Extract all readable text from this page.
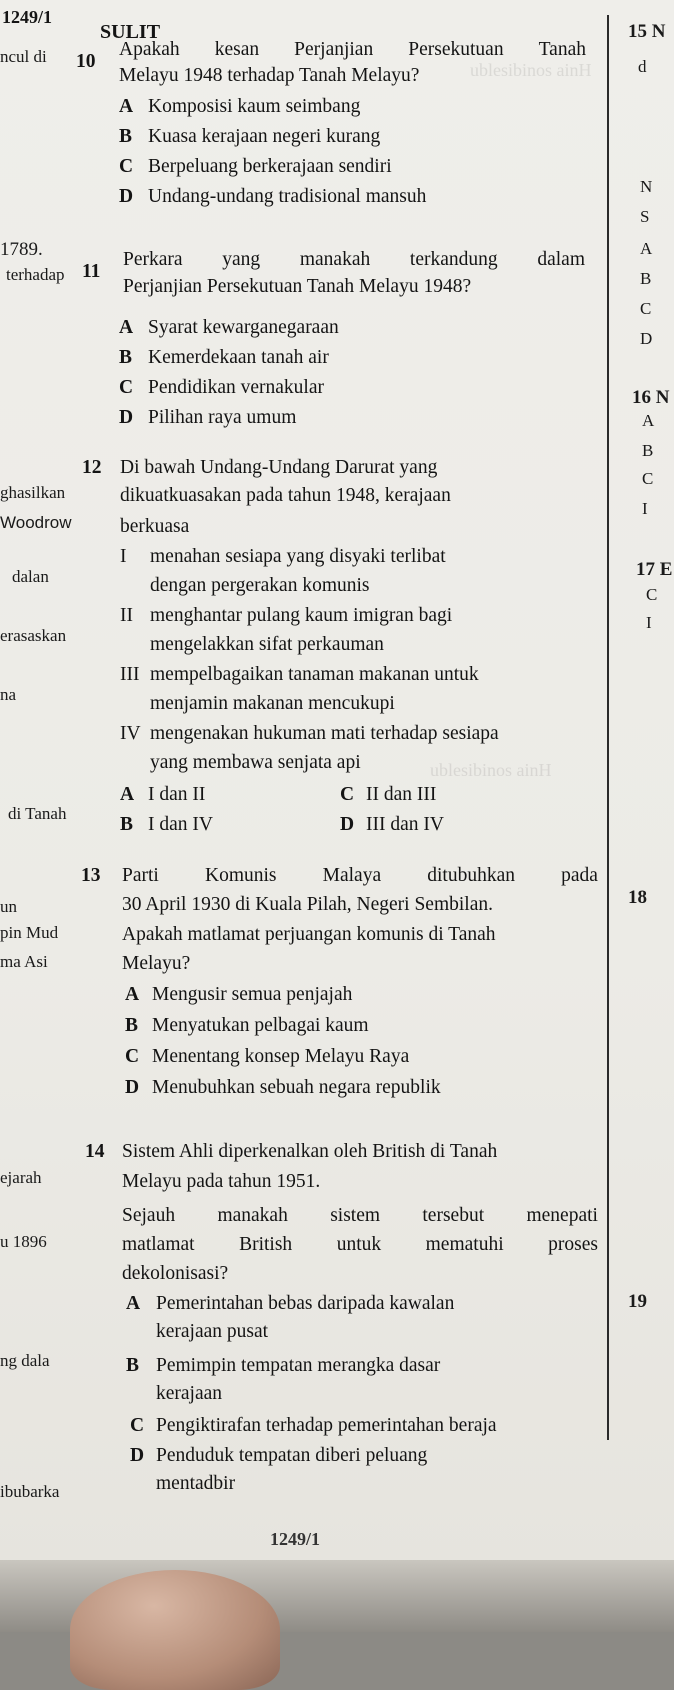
ublesibinos ainH
ublesibinos ainH
1249/1
SULIT
10
Apakah kesan Perjanjian Persekutuan Tanah
Melayu 1948 terhadap Tanah Melayu?
A Komposisi kaum seimbang
B Kuasa kerajaan negeri kurang
C Berpeluang berkerajaan sendiri
D Undang-undang tradisional mansuh
11
Perkara yang manakah terkandung dalam
Perjanjian Persekutuan Tanah Melayu 1948?
A Syarat kewarganegaraan
B Kemerdekaan tanah air
C Pendidikan vernakular
D Pilihan raya umum
12 Di bawah Undang-Undang Darurat yang
dikuatkuasakan pada tahun 1948, kerajaan
berkuasa
I menahan sesiapa yang disyaki terlibat
dengan pergerakan komunis
II menghantar pulang kaum imigran bagi
mengelakkan sifat perkauman
III mempelbagaikan tanaman makanan untuk
menjamin makanan mencukupi
IV mengenakan hukuman mati terhadap sesiapa
yang membawa senjata api
A I dan II
B I dan IV
C II dan III
D III dan IV
13 Parti Komunis Malaya ditubuhkan pada
30 April 1930 di Kuala Pilah, Negeri Sembilan.
Apakah matlamat perjuangan komunis di Tanah
Melayu?
A Mengusir semua penjajah
B Menyatukan pelbagai kaum
C Menentang konsep Melayu Raya
D Menubuhkan sebuah negara republik
14 Sistem Ahli diperkenalkan oleh British di Tanah
Melayu pada tahun 1951.
Sejauh manakah sistem tersebut menepati
matlamat British untuk mematuhi proses
dekolonisasi?
A Pemerintahan bebas daripada kawalan
kerajaan pusat
B Pemimpin tempatan merangka dasar
kerajaan
C Pengiktirafan terhadap pemerintahan beraja
D Penduduk tempatan diberi peluang
mentadbir
ncul di
1789.
terhadap
ghasilkan
Woodrow
dalan
erasaskan
na
di Tanah
un
pin Mud
ma Asi
ejarah
u 1896
ng dala
ibubarka
15 N
d
N
S
A
B
C
D
16 N
A
B
C
I
17 E
C
I
18
19
1249/1
